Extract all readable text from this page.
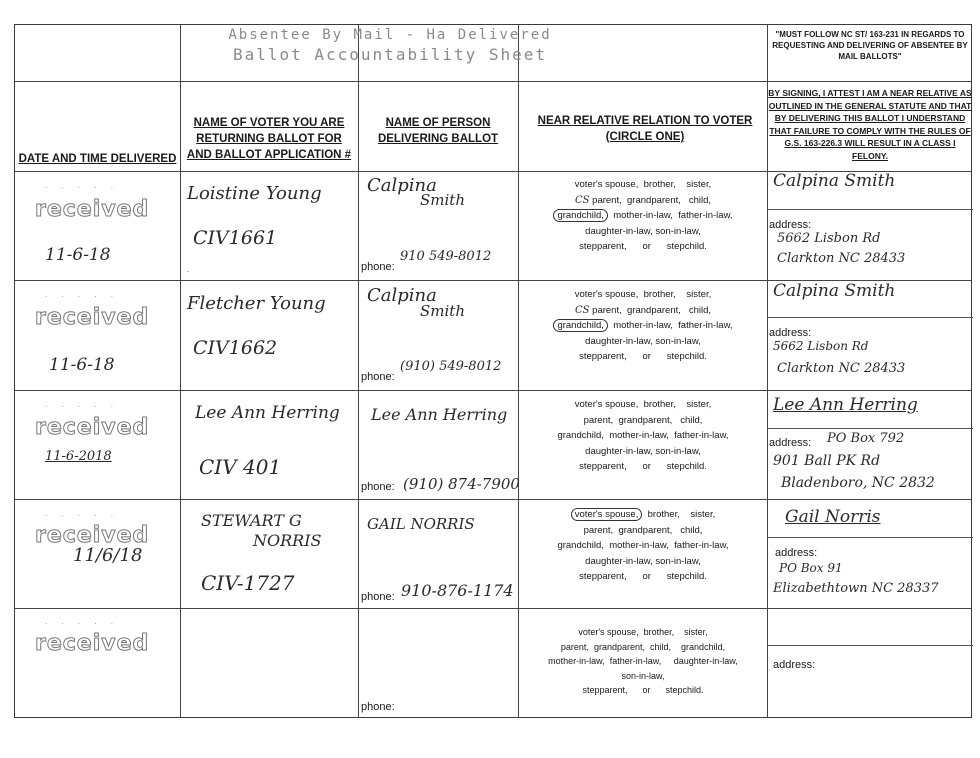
Absentee By Mail - Ha Delivered
Ballot Accountability Sheet
"MUST FOLLOW NC ST/ 163-231 IN REGARDS TO REQUESTING AND DELIVERING OF ABSENTEE BY MAIL BALLOTS"
DATE AND TIME DELIVERED
NAME OF VOTER YOU ARE RETURNING BALLOT FOR AND BALLOT APPLICATION #
NAME OF PERSON DELIVERING BALLOT
NEAR RELATIVE RELATION TO VOTER (CIRCLE ONE)
BY SIGNING, I ATTEST I AM A NEAR RELATIVE AS OUTLINED IN THE GENERAL STATUTE AND THAT BY DELIVERING THIS BALLOT I UNDERSTAND THAT FAILURE TO COMPLY WITH THE RULES OF G.S. 163-226.3 WILL RESULT IN A CLASS I FELONY.
. . . . .
received
11-6-18
Loistine Young
CIV1661
Calpina
Smith
phone:
910 549-8012
voter's spouse, brother, sister,
CS parent, grandparent, child,
grandchild, mother-in-law, father-in-law,
daughter-in-law, son-in-law,
stepparent, or stepchild.
Calpina Smith
address:
5662 Lisbon Rd
Clarkton NC 28433
.
. . . . .
received
11-6-18
Fletcher Young
CIV1662
Calpina
Smith
phone:
(910) 549-8012
voter's spouse, brother, sister,
CS parent, grandparent, child,
grandchild, mother-in-law, father-in-law,
daughter-in-law, son-in-law,
stepparent, or stepchild.
Calpina Smith
address:
5662 Lisbon Rd
Clarkton NC 28433
. . . . .
received
11-6-2018
Lee Ann Herring
CIV 401
Lee Ann Herring
phone: (910) 874-7900
voter's spouse, brother, sister,
parent, grandparent, child,
grandchild, mother-in-law, father-in-law,
daughter-in-law, son-in-law,
stepparent, or stepchild.
Lee Ann Herring
address: PO Box 792
901 Ball PK Rd
Bladenboro, NC 2832
. . . . .
received
11/6/18
STEWART G
NORRIS
CIV-1727
GAIL NORRIS
phone: 910-876-1174
voter's spouse, brother, sister,
parent, grandparent, child,
grandchild, mother-in-law, father-in-law,
daughter-in-law, son-in-law,
stepparent, or stepchild.
Gail Norris
address:
PO Box 91
Elizabethtown NC 28337
. . . . .
received
phone:
voter's spouse, brother, sister,
parent, grandparent, child, grandchild,
mother-in-law, father-in-law, daughter-in-law,
son-in-law,
stepparent, or stepchild.
address:
